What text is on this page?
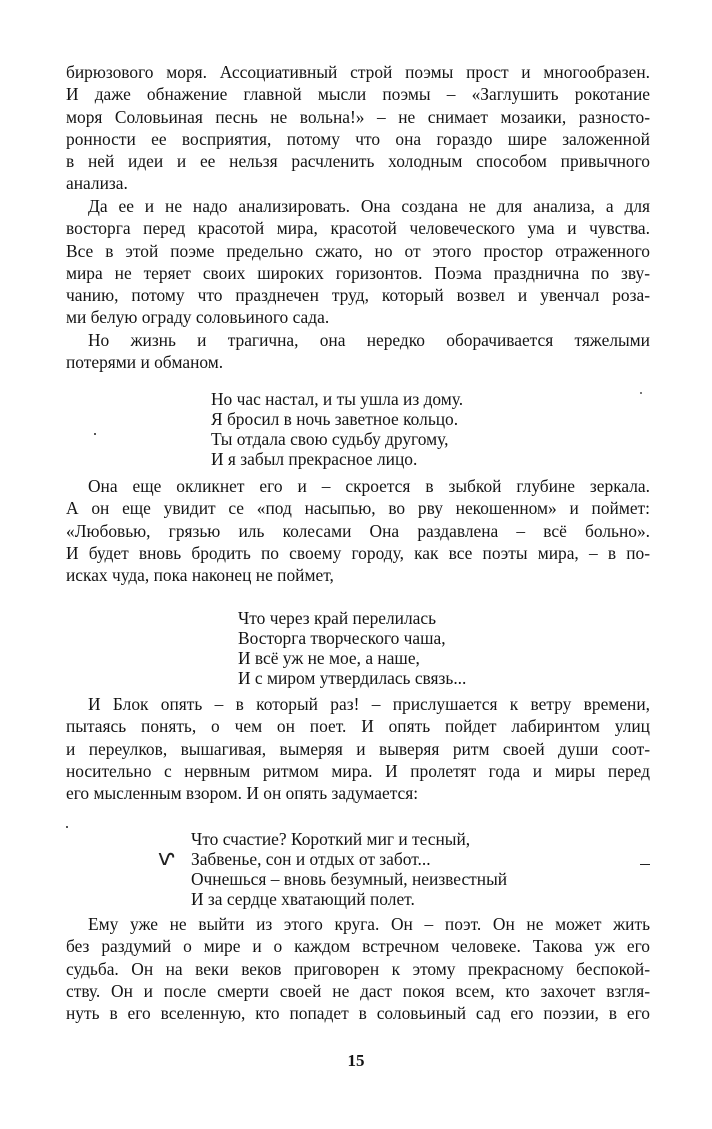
бирюзового моря. Ассоциативный строй поэмы прост и многообразен.
И даже обнажение главной мысли поэмы – «Заглушить рокотание
моря Соловьиная песнь не вольна!» – не снимает мозаики, разносто-
ронности ее восприятия, потому что она гораздо шире заложенной
в ней идеи и ее нельзя расчленить холодным способом привычного
анализа.
Да ее и не надо анализировать. Она создана не для анализа, а для
восторга перед красотой мира, красотой человеческого ума и чувства.
Все в этой поэме предельно сжато, но от этого простор отраженного
мира не теряет своих широких горизонтов. Поэма празднична по зву-
чанию, потому что празднечен труд, который возвел и увенчал роза-
ми белую ограду соловьиного сада.
Но жизнь и трагична, она нередко оборачивается тяжелыми
потерями и обманом.
Но час настал, и ты ушла из дому.
Я бросил в ночь заветное кольцо.
Ты отдала свою судьбу другому,
И я забыл прекрасное лицо.
Она еще окликнет его и – скроется в зыбкой глубине зеркала.
А он еще увидит се «под насыпью, во рву некошенном» и поймет:
«Любовью, грязью иль колесами Она раздавлена – всё больно».
И будет вновь бродить по своему городу, как все поэты мира, – в по-
исках чуда, пока наконец не поймет,
Что через край перелилась
Восторга творческого чаша,
И всё уж не мое, а наше,
И с миром утвердилась связь...
И Блок опять – в который раз! – прислушается к ветру времени,
пытаясь понять, о чем он поет. И опять пойдет лабиринтом улиц
и переулков, вышагивая, вымеряя и выверяя ритм своей души соот-
носительно с нервным ритмом мира. И пролетят года и миры перед
его мысленным взором. И он опять задумается:
Что счастие? Короткий миг и тесный,
Забвенье, сон и отдых от забот...
Очнешься – вновь безумный, неизвестный
И за сердце хватающий полет.
Ему уже не выйти из этого круга. Он – поэт. Он не может жить
без раздумий о мире и о каждом встречном человеке. Такова уж его
судьба. Он на веки веков приговорен к этому прекрасному беспокой-
ству. Он и после смерти своей не даст покоя всем, кто захочет взгля-
нуть в его вселенную, кто попадет в соловьиный сад его поэзии, в его
15
ⱱ
